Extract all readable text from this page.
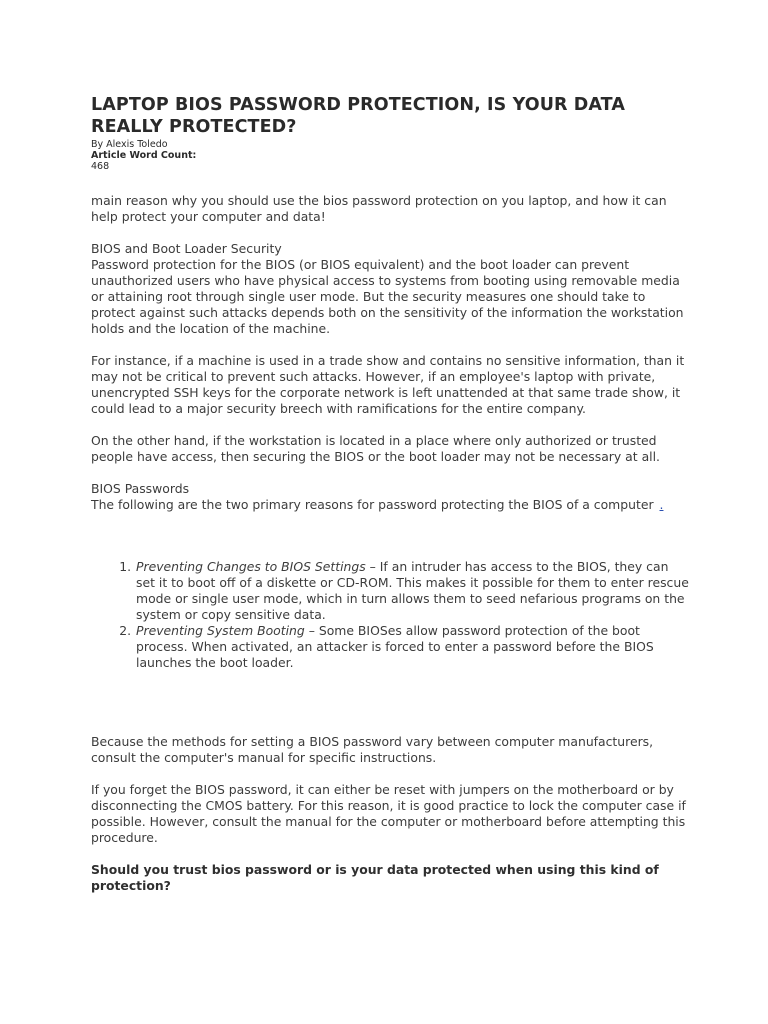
LAPTOP BIOS PASSWORD PROTECTION, IS YOUR DATA REALLY PROTECTED?
By Alexis Toledo
Article Word Count:
468

main reason why you should use the bios password protection on you laptop, and how it can help protect your computer and data!

BIOS and Boot Loader Security
Password protection for the BIOS (or BIOS equivalent) and the boot loader can prevent unauthorized users who have physical access to systems from booting using removable media or attaining root through single user mode. But the security measures one should take to protect against such attacks depends both on the sensitivity of the information the workstation holds and the location of the machine.

For instance, if a machine is used in a trade show and contains no sensitive information, than it may not be critical to prevent such attacks. However, if an employee's laptop with private, unencrypted SSH keys for the corporate network is left unattended at that same trade show, it could lead to a major security breech with ramifications for the entire company.

On the other hand, if the workstation is located in a place where only authorized or trusted people have access, then securing the BIOS or the boot loader may not be necessary at all.

BIOS Passwords
The following are the two primary reasons for password protecting the BIOS of a computer .
1. Preventing Changes to BIOS Settings – If an intruder has access to the BIOS, they can set it to boot off of a diskette or CD-ROM. This makes it possible for them to enter rescue mode or single user mode, which in turn allows them to seed nefarious programs on the system or copy sensitive data.
2. Preventing System Booting – Some BIOSes allow password protection of the boot process. When activated, an attacker is forced to enter a password before the BIOS launches the boot loader.

Because the methods for setting a BIOS password vary between computer manufacturers, consult the computer's manual for specific instructions.

If you forget the BIOS password, it can either be reset with jumpers on the motherboard or by disconnecting the CMOS battery. For this reason, it is good practice to lock the computer case if possible. However, consult the manual for the computer or motherboard before attempting this procedure.

Should you trust bios password or is your data protected when using this kind of protection?
